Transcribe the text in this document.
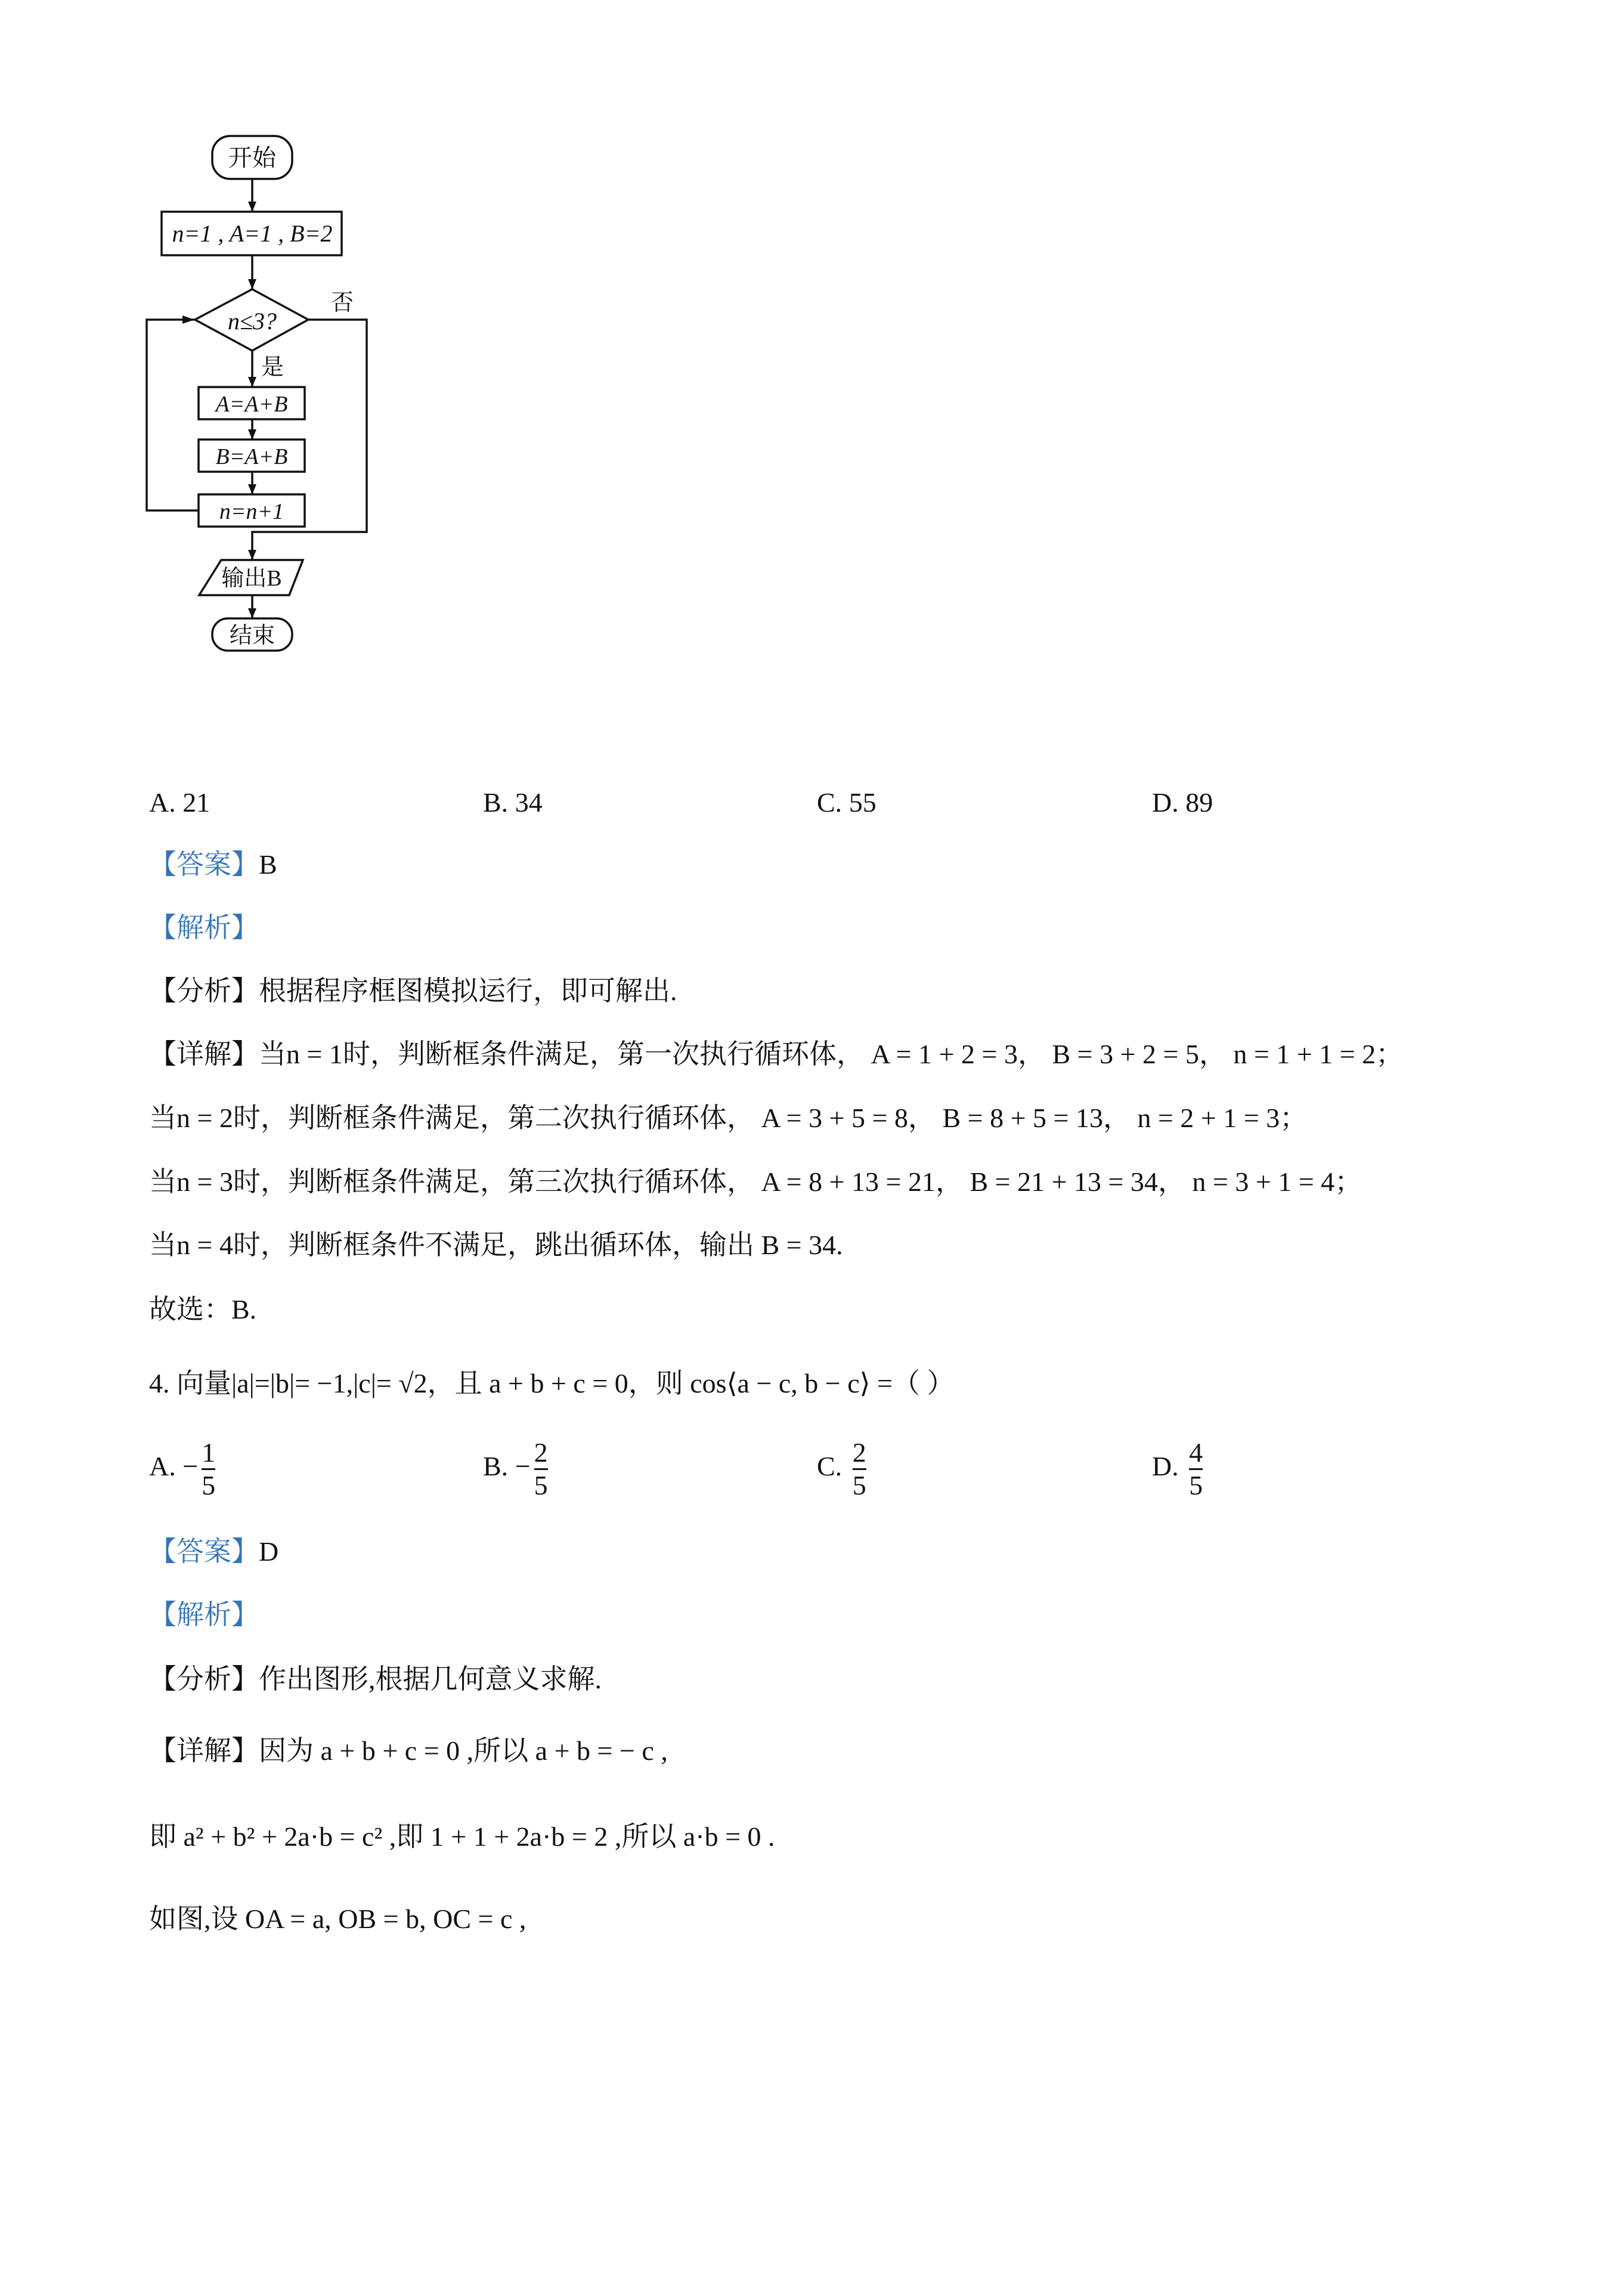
开始
n=1 , A=1 , B=2
n≤3?
否
是
A=A+B
B=A+B
n=n+1
输出B
结束
A. 21	B. 34	C. 55	D. 89
【答案】B
【解析】
【分析】根据程序框图模拟运行，即可解出.
【详解】当n = 1时，判断框条件满足，第一次执行循环体， A = 1 + 2 = 3， B = 3 + 2 = 5， n = 1 + 1 = 2；
当n = 2时，判断框条件满足，第二次执行循环体， A = 3 + 5 = 8， B = 8 + 5 = 13， n = 2 + 1 = 3；
当n = 3时，判断框条件满足，第三次执行循环体， A = 8 + 13 = 21， B = 21 + 13 = 34， n = 3 + 1 = 4；
当n = 4时，判断框条件不满足，跳出循环体，输出 B = 34.
故选：B.
4. 向量|a|=|b|= −1,|c|= √2，且 a + b + c = 0，则 cos⟨a − c, b − c⟩ =（ ）
A. − $\frac{1}{5}$	B. − $\frac{2}{5}$	C. $\frac{2}{5}$	D. $\frac{4}{5}$
【答案】D
【解析】
【分析】作出图形,根据几何意义求解.
【详解】因为 a + b + c = 0 ,所以 a + b = − c ,
即 a² + b² + 2a·b = c² ,即 1 + 1 + 2a·b = 2 ,所以 a·b = 0 .
如图,设 OA = a, OB = b, OC = c ,
